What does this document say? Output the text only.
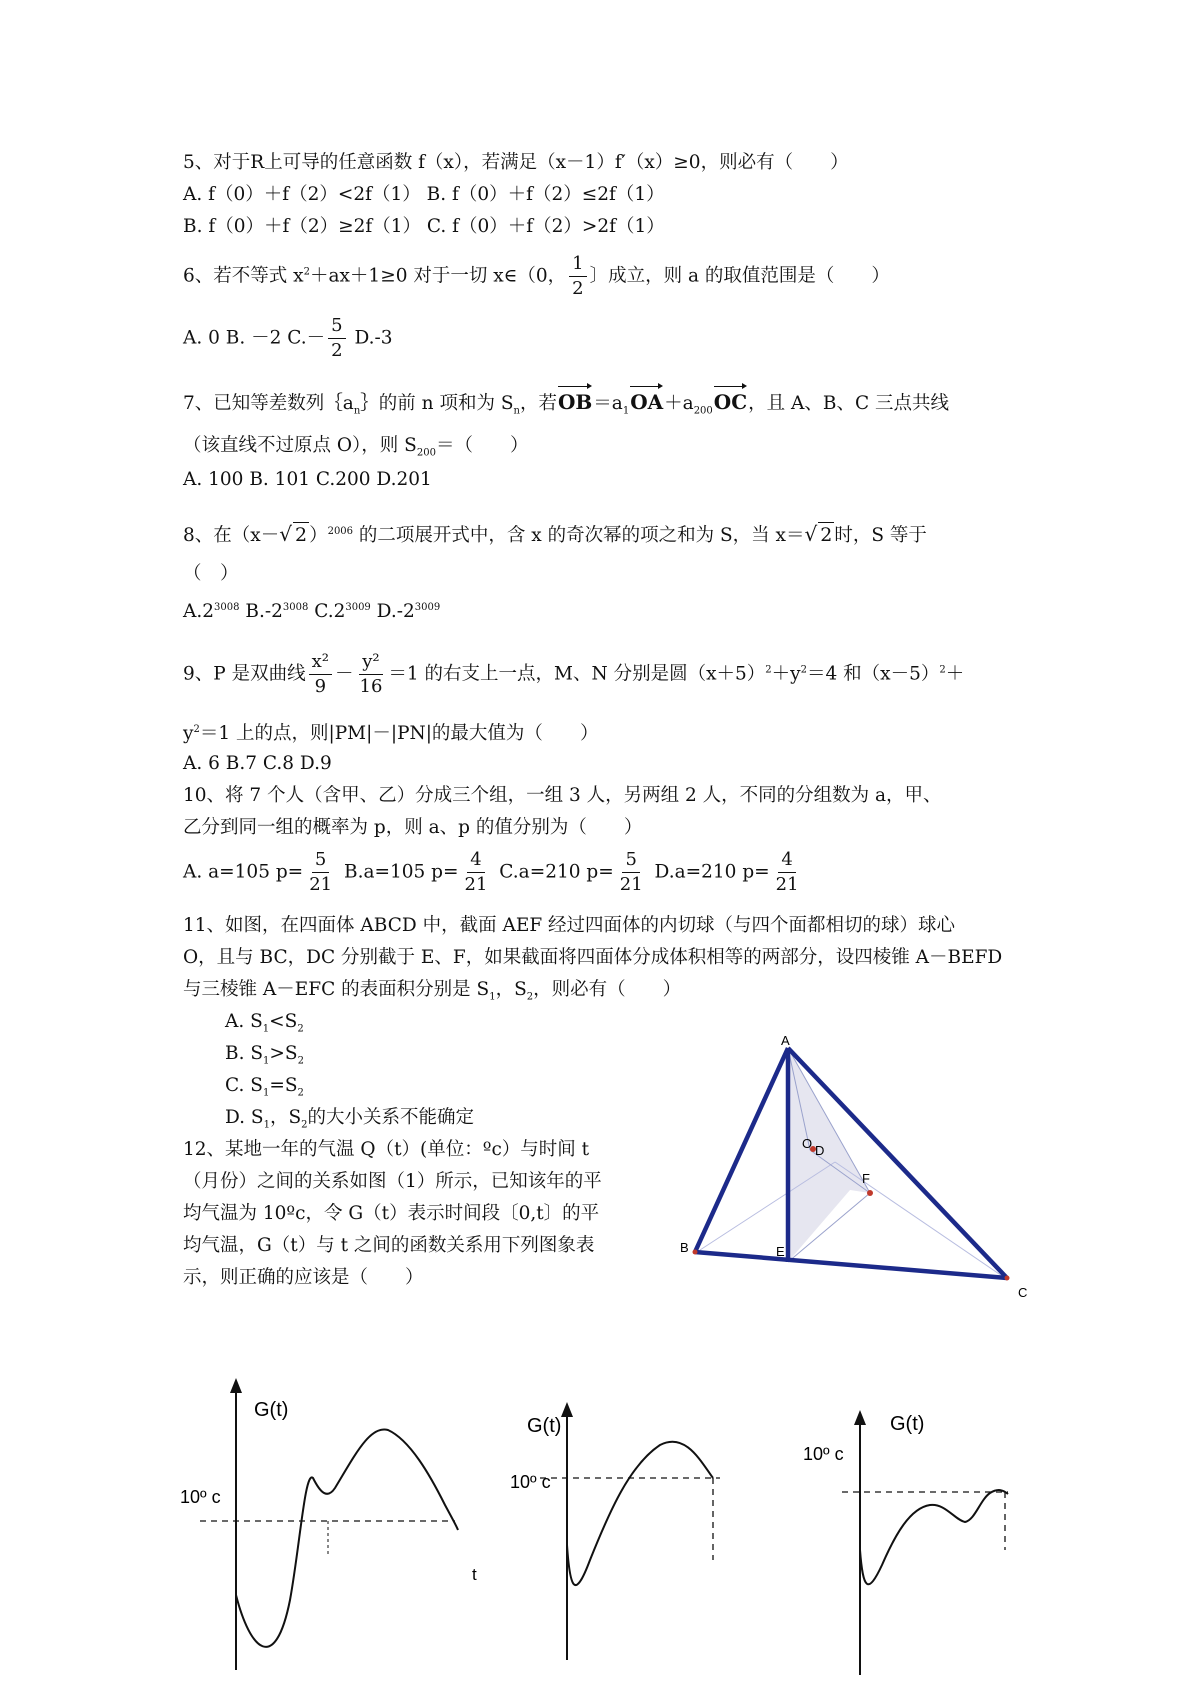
5、对于R上可导的任意函数 f（x），若满足（x－1）f′（x）≥0，则必有（　　）
A. f（0）＋f（2）<2f（1） B. f（0）＋f（2）≤2f（1）
B. f（0）＋f（2）≥2f（1） C. f（0）＋f（2）>2f（1）
6、若不等式 $x^2+ax+1\ge 0$ 对于一切 x∈（0， $\frac{1}{2}$ 〕成立，则 a 的取值范围是（　　）
A. 0 B. －2 $C.- \frac{5}{2} D.-3$
7、已知等差数列$\{a_n\}$的前 n 项和为 $S_n$，若$OB=a_1OA+a_{200}OC$，且 A、B、C 三点共线
（该直线不过原点 O），则 $S_{200}=$（　　）
A. 100 B. 101 C.200 D.201
8、在（x－√ 2 ）$^{2006}$ 的二项展开式中，含 x 的奇次幂的项之和为 S，当 x＝√ 2 时，S 等于
（　）
$A.2^{3008}$ $B.-2^{3008}$ $C.2^{3009}$ $D.-2^{3009}$
9、P 是双曲线 $\frac{\text{x²}}{9} - \frac{\text{y²}}{16} =1$ 的右支上一点，M、N 分别是圆$(x+5)^2+y^2=4$ 和$(x-5)^2+$
$y^2=1$ 上的点，则|PM|－|PN|的最大值为（　　）
A. 6 B.7 C.8 D.9
10、将 7 个人（含甲、乙）分成三个组，一组 3 人，另两组 2 人，不同的分组数为 a，甲、
乙分到同一组的概率为 p，则 a、p 的值分别为（　　）
A. a=105 $p= \frac{5}{21} B.a=105$ $p= \frac{4}{21} C.a=210$ $p= \frac{5}{21} D.a=210$ $p= \frac{4}{21}$
11、如图，在四面体 ABCD 中，截面 AEF 经过四面体的内切球（与四个面都相切的球）球心
O，且与 BC，DC 分别截于 E、F，如果截面将四面体分成体积相等的两部分，设四棱锥 A－BEFD
与三棱锥 A－EFC 的表面积分别是 $S_1$，$S_2$，则必有（　　）
A. $S_1<S_2$
B. $S_1>S_2$
C. $S_1=S_2$
D. $S_1$，$S_2$的大小关系不能确定
12、某地一年的气温 Q（t）(单位：ºc）与时间 t
（月份）之间的关系如图（1）所示，已知该年的平
均气温为 10ºc，令 G（t）表示时间段〔0,t〕的平
均气温，G（t）与 t 之间的函数关系用下列图象表
示，则正确的应该是（　　）
A
B
C
O D
E
F
G(t)
10º c
t
G(t)
10º c
G(t)
10º c
